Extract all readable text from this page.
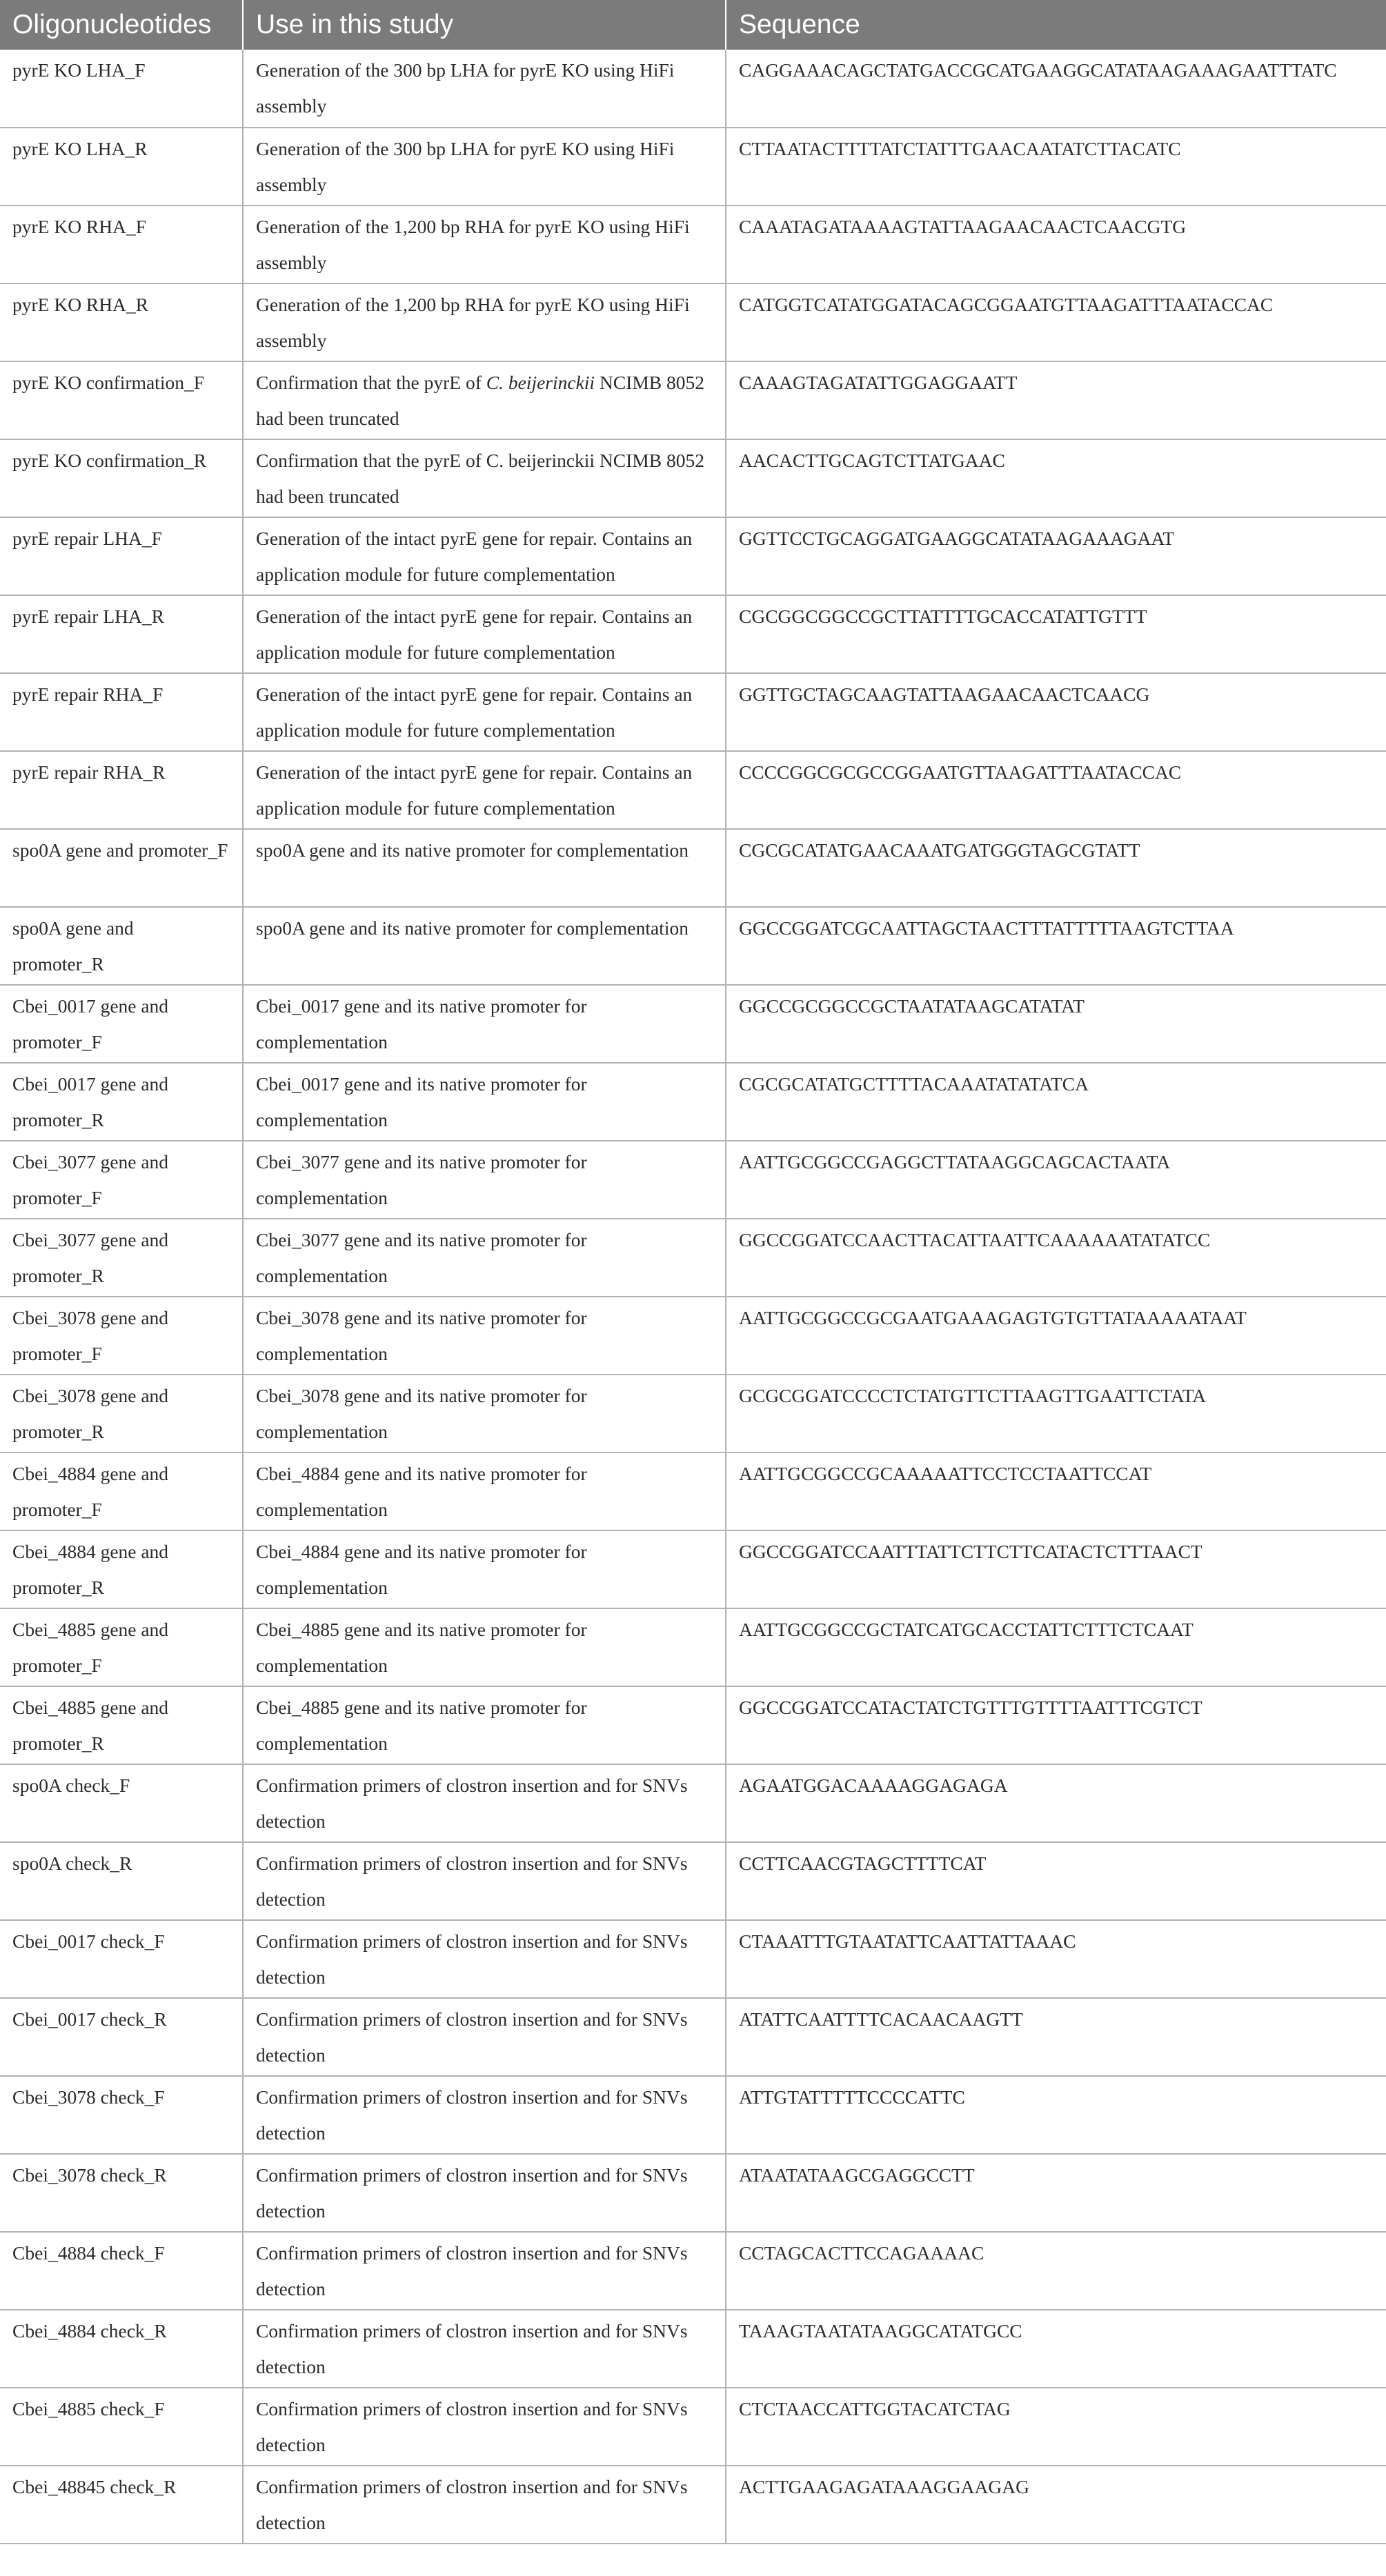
Oligonucleotides	Use in this study	Sequence
pyrE KO LHA_F	Generation of the 300 bp LHA for pyrE KO using HiFi assembly	CAGGAAACAGCTATGACCGCATGAAGGCATATAAGAAAGAATTTATC
pyrE KO LHA_R	Generation of the 300 bp LHA for pyrE KO using HiFi assembly	CTTAATACTTTTATCTATTTGAACAATATCTTACATC
pyrE KO RHA_F	Generation of the 1,200 bp RHA for pyrE KO using HiFi assembly	CAAATAGATAAAAGTATTAAGAACAACTCAACGTG
pyrE KO RHA_R	Generation of the 1,200 bp RHA for pyrE KO using HiFi assembly	CATGGTCATATGGATACAGCGGAATGTTAAGATTTAATACCAC
pyrE KO confirmation_F	Confirmation that the pyrE of C. beijerinckii NCIMB 8052 had been truncated	CAAAGTAGATATTGGAGGAATT
pyrE KO confirmation_R	Confirmation that the pyrE of C. beijerinckii NCIMB 8052 had been truncated	AACACTTGCAGTCTTATGAAC
pyrE repair LHA_F	Generation of the intact pyrE gene for repair. Contains an application module for future complementation	GGTTCCTGCAGGATGAAGGCATATAAGAAAGAAT
pyrE repair LHA_R	Generation of the intact pyrE gene for repair. Contains an application module for future complementation	CGCGGCGGCCGCTTATTTTGCACCATATTGTTT
pyrE repair RHA_F	Generation of the intact pyrE gene for repair. Contains an application module for future complementation	GGTTGCTAGCAAGTATTAAGAACAACTCAACG
pyrE repair RHA_R	Generation of the intact pyrE gene for repair. Contains an application module for future complementation	CCCCGGCGCGCCGGAATGTTAAGATTTAATACCAC
spo0A gene and promoter_F	spo0A gene and its native promoter for complementation	CGCGCATATGAACAAATGATGGGTAGCGTATT
spo0A gene and promoter_R	spo0A gene and its native promoter for complementation	GGCCGGATCGCAATTAGCTAACTTTATTTTTAAGTCTTAA
Cbei_0017 gene and promoter_F	Cbei_0017 gene and its native promoter for complementation	GGCCGCGGCCGCTAATATAAGCATATAT
Cbei_0017 gene and promoter_R	Cbei_0017 gene and its native promoter for complementation	CGCGCATATGCTTTTACAAATATATATCA
Cbei_3077 gene and promoter_F	Cbei_3077 gene and its native promoter for complementation	AATTGCGGCCGAGGCTTATAAGGCAGCACTAATA
Cbei_3077 gene and promoter_R	Cbei_3077 gene and its native promoter for complementation	GGCCGGATCCAACTTACATTAATTCAAAAAATATATCC
Cbei_3078 gene and promoter_F	Cbei_3078 gene and its native promoter for complementation	AATTGCGGCCGCGAATGAAAGAGTGTGTTATAAAAATAAT
Cbei_3078 gene and promoter_R	Cbei_3078 gene and its native promoter for complementation	GCGCGGATCCCCTCTATGTTCTTAAGTTGAATTCTATA
Cbei_4884 gene and promoter_F	Cbei_4884 gene and its native promoter for complementation	AATTGCGGCCGCAAAAATTCCTCCTAATTCCAT
Cbei_4884 gene and promoter_R	Cbei_4884 gene and its native promoter for complementation	GGCCGGATCCAATTTATTCTTCTTCATACTCTTTAACT
Cbei_4885 gene and promoter_F	Cbei_4885 gene and its native promoter for complementation	AATTGCGGCCGCTATCATGCACCTATTCTTTCTCAAT
Cbei_4885 gene and promoter_R	Cbei_4885 gene and its native promoter for complementation	GGCCGGATCCATACTATCTGTTTGTTTTAATTTCGTCT
spo0A check_F	Confirmation primers of clostron insertion and for SNVs detection	AGAATGGACAAAAGGAGAGA
spo0A check_R	Confirmation primers of clostron insertion and for SNVs detection	CCTTCAACGTAGCTTTTCAT
Cbei_0017 check_F	Confirmation primers of clostron insertion and for SNVs detection	CTAAATTTGTAATATTCAATTATTAAAC
Cbei_0017 check_R	Confirmation primers of clostron insertion and for SNVs detection	ATATTCAATTTTCACAACAAGTT
Cbei_3078 check_F	Confirmation primers of clostron insertion and for SNVs detection	ATTGTATTTTTCCCCATTC
Cbei_3078 check_R	Confirmation primers of clostron insertion and for SNVs detection	ATAATATAAGCGAGGCCTT
Cbei_4884 check_F	Confirmation primers of clostron insertion and for SNVs detection	CCTAGCACTTCCAGAAAAC
Cbei_4884 check_R	Confirmation primers of clostron insertion and for SNVs detection	TAAAGTAATATAAGGCATATGCC
Cbei_4885 check_F	Confirmation primers of clostron insertion and for SNVs detection	CTCTAACCATTGGTACATCTAG
Cbei_48845 check_R	Confirmation primers of clostron insertion and for SNVs detection	ACTTGAAGAGATAAAGGAAGAG
